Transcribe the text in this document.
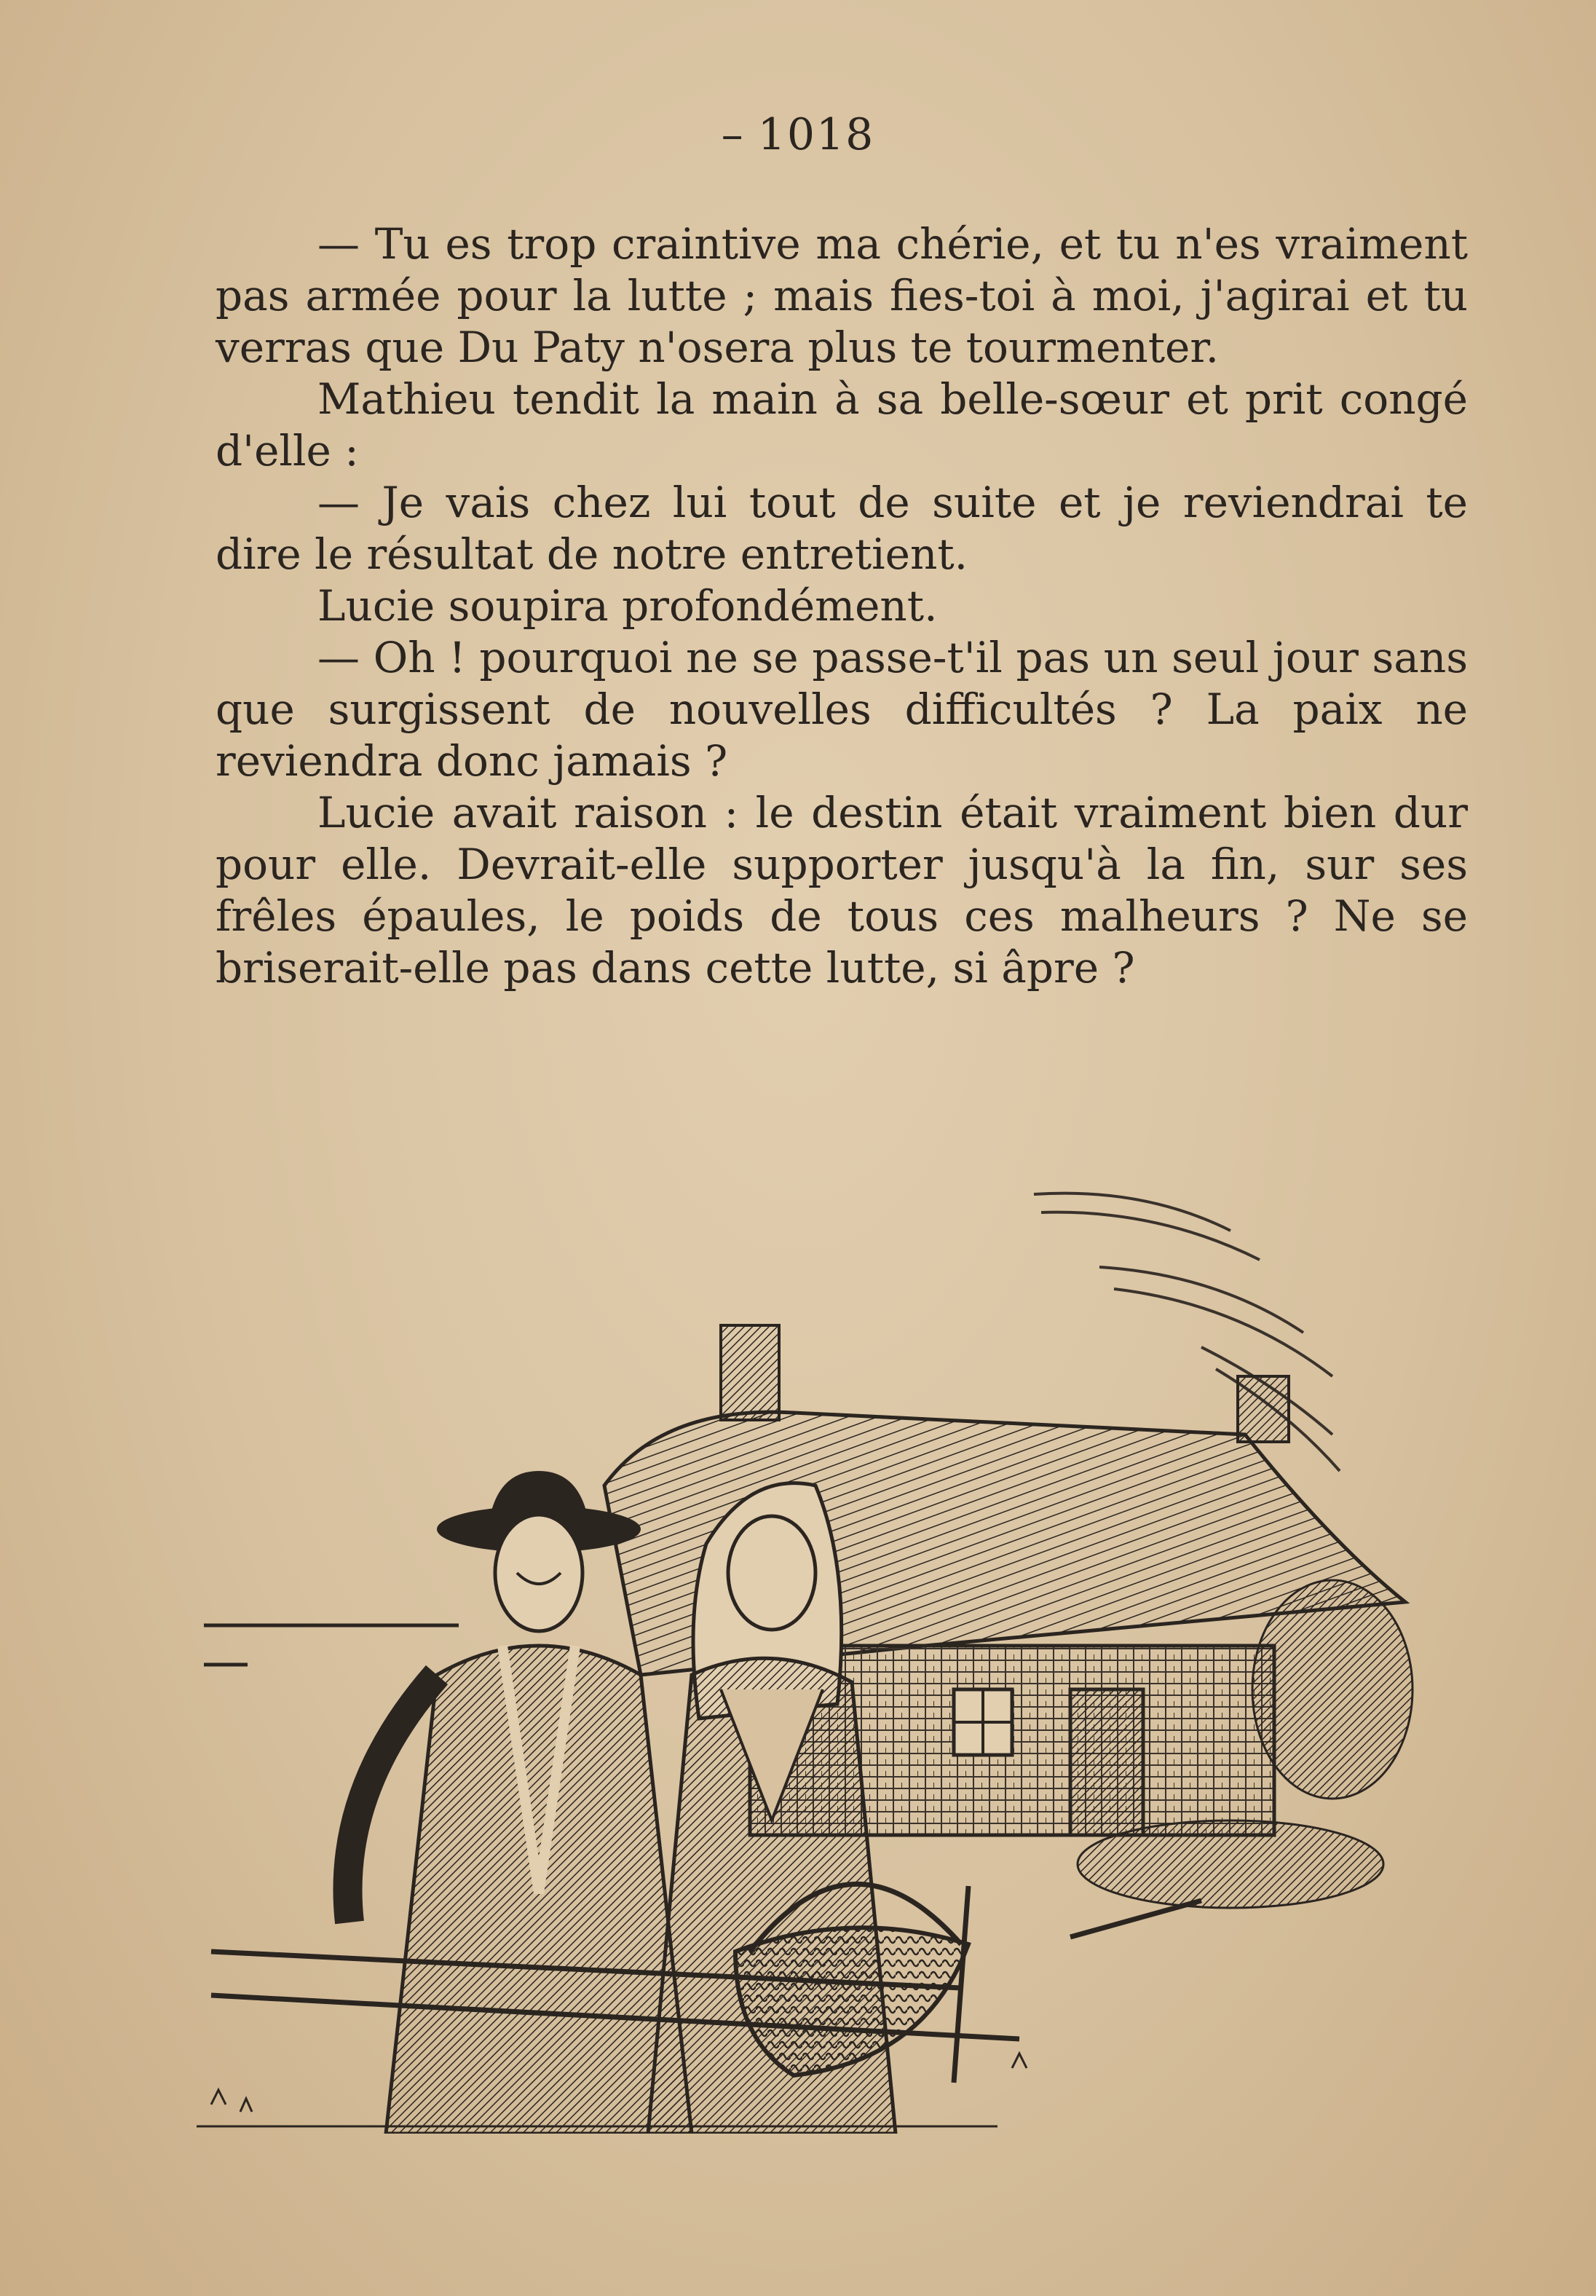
– 1018

— Tu es trop craintive ma chérie, et tu n'es vraiment pas armée pour la lutte ; mais fies-toi à moi, j'agirai et tu verras que Du Paty n'osera plus te tourmenter.

Mathieu tendit la main à sa belle-sœur et prit congé d'elle :

— Je vais chez lui tout de suite et je reviendrai te dire le résultat de notre entretient.

Lucie soupira profondément.

— Oh ! pourquoi ne se passe-t'il pas un seul jour sans que surgissent de nouvelles difficultés ? La paix ne reviendra donc jamais ?

Lucie avait raison : le destin était vraiment bien dur pour elle. Devrait-elle supporter jusqu'à la fin, sur ses frêles épaules, le poids de tous ces malheurs ? Ne se briserait-elle pas dans cette lutte, si âpre ?
